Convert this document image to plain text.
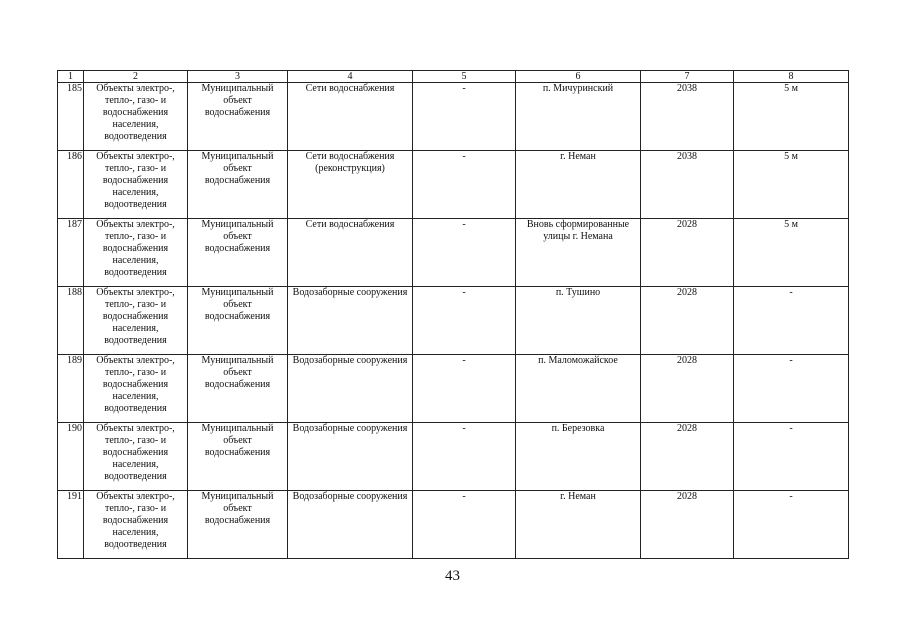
1	2	3	4	5	6	7	8
185	Объекты электро-, тепло-, газо- и водоснабжения населения, водоотведения	Муниципальный объект водоснабжения	Сети водоснабжения	-	п. Мичуринский	2038	5 м
186	Объекты электро-, тепло-, газо- и водоснабжения населения, водоотведения	Муниципальный объект водоснабжения	Сети водоснабжения (реконструкция)	-	г. Неман	2038	5 м
187	Объекты электро-, тепло-, газо- и водоснабжения населения, водоотведения	Муниципальный объект водоснабжения	Сети водоснабжения	-	Вновь сформированные улицы г. Немана	2028	5 м
188	Объекты электро-, тепло-, газо- и водоснабжения населения, водоотведения	Муниципальный объект водоснабжения	Водозаборные сооружения	-	п. Тушино	2028	-
189	Объекты электро-, тепло-, газо- и водоснабжения населения, водоотведения	Муниципальный объект водоснабжения	Водозаборные сооружения	-	п. Маломожайское	2028	-
190	Объекты электро-, тепло-, газо- и водоснабжения населения, водоотведения	Муниципальный объект водоснабжения	Водозаборные сооружения	-	п. Березовка	2028	-
191	Объекты электро-, тепло-, газо- и водоснабжения населения, водоотведения	Муниципальный объект водоснабжения	Водозаборные сооружения	-	г. Неман	2028	-
43
